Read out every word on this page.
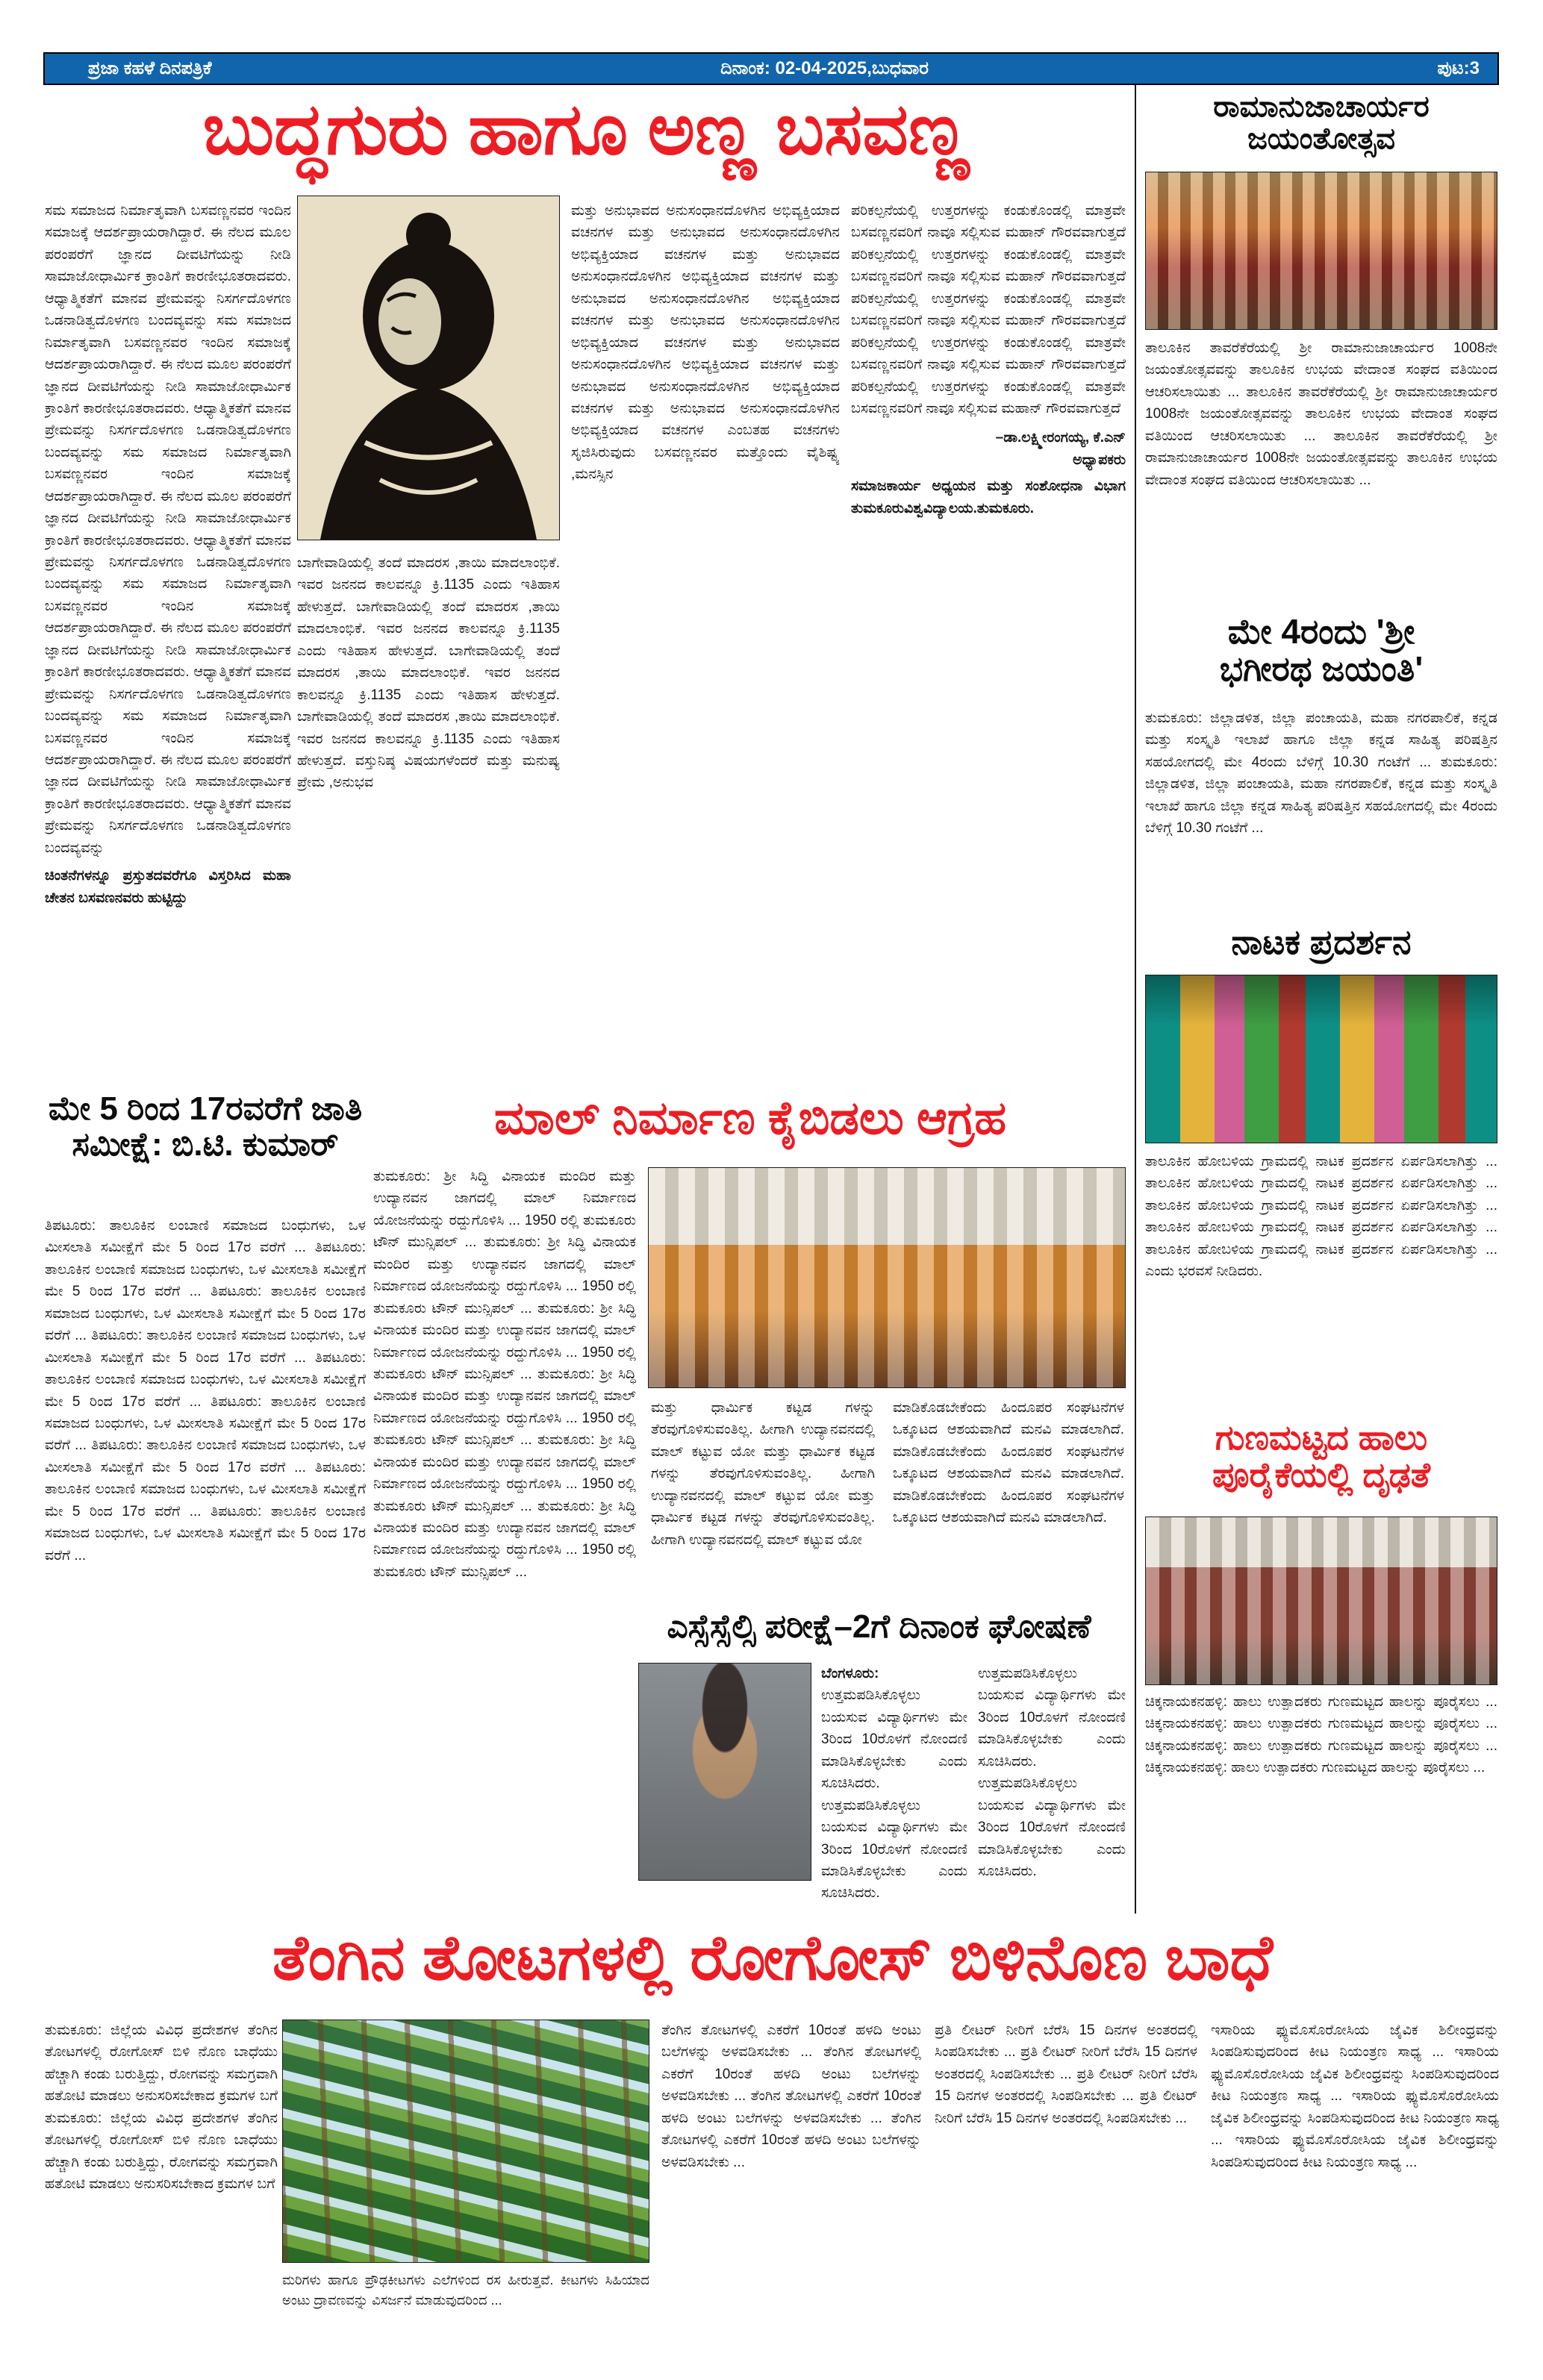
ಪ್ರಜಾ ಕಹಳೆ ದಿನಪತ್ರಿಕೆ	ದಿನಾಂಕ: 02-04-2025,ಬುಧವಾರ	ಪುಟ:3
ಬುದ್ಧಗುರು ಹಾಗೂ ಅಣ್ಣ ಬಸವಣ್ಣ
ಸಮ ಸಮಾಜದ ನಿರ್ಮಾತೃವಾಗಿ ಬಸವಣ್ಣನವರ ಇಂದಿನ ಸಮಾಜಕ್ಕೆ ಆದರ್ಶಪ್ರಾಯರಾಗಿದ್ದಾರೆ. ಈ ನೆಲದ ಮೂಲ ಪರಂಪರೆಗೆ ಜ್ಞಾನದ ದೀವಟಿಗೆಯನ್ನು ನೀಡಿ ಸಾಮಾಜೋಧಾರ್ಮಿಕ ಕ್ರಾಂತಿಗೆ ಕಾರಣೀಭೂತರಾದವರು. ಆಧ್ಯಾತ್ಮಿಕತೆಗೆ ಮಾನವ ಪ್ರೇಮವನ್ನು ನಿಸರ್ಗದೊಳಗಣ ಒಡನಾಡಿತ್ವದೊಳಗಣ ಬಂದವ್ಯವನ್ನು ಸಮ ಸಮಾಜದ ನಿರ್ಮಾತೃವಾಗಿ ಬಸವಣ್ಣನವರ ಇಂದಿನ ಸಮಾಜಕ್ಕೆ ಆದರ್ಶಪ್ರಾಯರಾಗಿದ್ದಾರೆ. ಈ ನೆಲದ ಮೂಲ ಪರಂಪರೆಗೆ ಜ್ಞಾನದ ದೀವಟಿಗೆಯನ್ನು ನೀಡಿ ಸಾಮಾಜೋಧಾರ್ಮಿಕ ಕ್ರಾಂತಿಗೆ ಕಾರಣೀಭೂತರಾದವರು. ಆಧ್ಯಾತ್ಮಿಕತೆಗೆ ಮಾನವ ಪ್ರೇಮವನ್ನು ನಿಸರ್ಗದೊಳಗಣ ಒಡನಾಡಿತ್ವದೊಳಗಣ ಬಂದವ್ಯವನ್ನು ಸಮ ಸಮಾಜದ ನಿರ್ಮಾತೃವಾಗಿ ಬಸವಣ್ಣನವರ ಇಂದಿನ ಸಮಾಜಕ್ಕೆ ಆದರ್ಶಪ್ರಾಯರಾಗಿದ್ದಾರೆ. ಈ ನೆಲದ ಮೂಲ ಪರಂಪರೆಗೆ ಜ್ಞಾನದ ದೀವಟಿಗೆಯನ್ನು ನೀಡಿ ಸಾಮಾಜೋಧಾರ್ಮಿಕ ಕ್ರಾಂತಿಗೆ ಕಾರಣೀಭೂತರಾದವರು. ಆಧ್ಯಾತ್ಮಿಕತೆಗೆ ಮಾನವ ಪ್ರೇಮವನ್ನು ನಿಸರ್ಗದೊಳಗಣ ಒಡನಾಡಿತ್ವದೊಳಗಣ ಬಂದವ್ಯವನ್ನು ಸಮ ಸಮಾಜದ ನಿರ್ಮಾತೃವಾಗಿ ಬಸವಣ್ಣನವರ ಇಂದಿನ ಸಮಾಜಕ್ಕೆ ಆದರ್ಶಪ್ರಾಯರಾಗಿದ್ದಾರೆ. ಈ ನೆಲದ ಮೂಲ ಪರಂಪರೆಗೆ ಜ್ಞಾನದ ದೀವಟಿಗೆಯನ್ನು ನೀಡಿ ಸಾಮಾಜೋಧಾರ್ಮಿಕ ಕ್ರಾಂತಿಗೆ ಕಾರಣೀಭೂತರಾದವರು. ಆಧ್ಯಾತ್ಮಿಕತೆಗೆ ಮಾನವ ಪ್ರೇಮವನ್ನು ನಿಸರ್ಗದೊಳಗಣ ಒಡನಾಡಿತ್ವದೊಳಗಣ ಬಂದವ್ಯವನ್ನು ಸಮ ಸಮಾಜದ ನಿರ್ಮಾತೃವಾಗಿ ಬಸವಣ್ಣನವರ ಇಂದಿನ ಸಮಾಜಕ್ಕೆ ಆದರ್ಶಪ್ರಾಯರಾಗಿದ್ದಾರೆ. ಈ ನೆಲದ ಮೂಲ ಪರಂಪರೆಗೆ ಜ್ಞಾನದ ದೀವಟಿಗೆಯನ್ನು ನೀಡಿ ಸಾಮಾಜೋಧಾರ್ಮಿಕ ಕ್ರಾಂತಿಗೆ ಕಾರಣೀಭೂತರಾದವರು. ಆಧ್ಯಾತ್ಮಿಕತೆಗೆ ಮಾನವ ಪ್ರೇಮವನ್ನು ನಿಸರ್ಗದೊಳಗಣ ಒಡನಾಡಿತ್ವದೊಳಗಣ ಬಂದವ್ಯವನ್ನು
ಚಿಂತನೆಗಳನ್ನೂ ಪ್ರಸ್ತುತದವರೆಗೂ ವಿಸ್ತರಿಸಿದ ಮಹಾ ಚೇತನ ಬಸವಣನವರು ಹುಟ್ಟಿದ್ದು
ಬಾಗೇವಾಡಿಯಲ್ಲಿ ತಂದೆ ಮಾದರಸ ,ತಾಯಿ ಮಾದಲಾಂಭಿಕೆ. ಇವರ ಜನನದ ಕಾಲವನ್ನೂ ಕ್ರಿ.1135 ಎಂದು ಇತಿಹಾಸ ಹೇಳುತ್ತದೆ. ಬಾಗೇವಾಡಿಯಲ್ಲಿ ತಂದೆ ಮಾದರಸ ,ತಾಯಿ ಮಾದಲಾಂಭಿಕೆ. ಇವರ ಜನನದ ಕಾಲವನ್ನೂ ಕ್ರಿ.1135 ಎಂದು ಇತಿಹಾಸ ಹೇಳುತ್ತದೆ. ಬಾಗೇವಾಡಿಯಲ್ಲಿ ತಂದೆ ಮಾದರಸ ,ತಾಯಿ ಮಾದಲಾಂಭಿಕೆ. ಇವರ ಜನನದ ಕಾಲವನ್ನೂ ಕ್ರಿ.1135 ಎಂದು ಇತಿಹಾಸ ಹೇಳುತ್ತದೆ. ಬಾಗೇವಾಡಿಯಲ್ಲಿ ತಂದೆ ಮಾದರಸ ,ತಾಯಿ ಮಾದಲಾಂಭಿಕೆ. ಇವರ ಜನನದ ಕಾಲವನ್ನೂ ಕ್ರಿ.1135 ಎಂದು ಇತಿಹಾಸ ಹೇಳುತ್ತದೆ. ವಸ್ತುನಿಷ್ಠ ವಿಷಯಗಳೆಂದರೆ ಮತ್ತು ಮನುಷ್ಯ ಪ್ರೇಮ ,ಅನುಭವ
ಮತ್ತು ಅನುಭಾವದ ಅನುಸಂಧಾನದೊಳಗಿನ ಅಭಿವ್ಯಕ್ತಿಯಾದ ವಚನಗಳ ಮತ್ತು ಅನುಭಾವದ ಅನುಸಂಧಾನದೊಳಗಿನ ಅಭಿವ್ಯಕ್ತಿಯಾದ ವಚನಗಳ ಮತ್ತು ಅನುಭಾವದ ಅನುಸಂಧಾನದೊಳಗಿನ ಅಭಿವ್ಯಕ್ತಿಯಾದ ವಚನಗಳ ಮತ್ತು ಅನುಭಾವದ ಅನುಸಂಧಾನದೊಳಗಿನ ಅಭಿವ್ಯಕ್ತಿಯಾದ ವಚನಗಳ ಮತ್ತು ಅನುಭಾವದ ಅನುಸಂಧಾನದೊಳಗಿನ ಅಭಿವ್ಯಕ್ತಿಯಾದ ವಚನಗಳ ಮತ್ತು ಅನುಭಾವದ ಅನುಸಂಧಾನದೊಳಗಿನ ಅಭಿವ್ಯಕ್ತಿಯಾದ ವಚನಗಳ ಮತ್ತು ಅನುಭಾವದ ಅನುಸಂಧಾನದೊಳಗಿನ ಅಭಿವ್ಯಕ್ತಿಯಾದ ವಚನಗಳ ಮತ್ತು ಅನುಭಾವದ ಅನುಸಂಧಾನದೊಳಗಿನ ಅಭಿವ್ಯಕ್ತಿಯಾದ ವಚನಗಳ ಎಂಬತಹ ವಚನಗಳು ಸೃಜಿಸಿರುವುದು ಬಸವಣ್ಣನವರ ಮತ್ತೊಂದು ವೈಶಿಷ್ಟ್ಯ ,ಮನಸ್ಸಿನ
ಪರಿಕಲ್ಪನೆಯಲ್ಲಿ ಉತ್ತರಗಳನ್ನು ಕಂಡುಕೊಂಡಲ್ಲಿ ಮಾತ್ರವೇ ಬಸವಣ್ಣನವರಿಗೆ ನಾವೂ ಸಲ್ಲಿಸುವ ಮಹಾನ್ ಗೌರವವಾಗುತ್ತದೆ ಪರಿಕಲ್ಪನೆಯಲ್ಲಿ ಉತ್ತರಗಳನ್ನು ಕಂಡುಕೊಂಡಲ್ಲಿ ಮಾತ್ರವೇ ಬಸವಣ್ಣನವರಿಗೆ ನಾವೂ ಸಲ್ಲಿಸುವ ಮಹಾನ್ ಗೌರವವಾಗುತ್ತದೆ ಪರಿಕಲ್ಪನೆಯಲ್ಲಿ ಉತ್ತರಗಳನ್ನು ಕಂಡುಕೊಂಡಲ್ಲಿ ಮಾತ್ರವೇ ಬಸವಣ್ಣನವರಿಗೆ ನಾವೂ ಸಲ್ಲಿಸುವ ಮಹಾನ್ ಗೌರವವಾಗುತ್ತದೆ ಪರಿಕಲ್ಪನೆಯಲ್ಲಿ ಉತ್ತರಗಳನ್ನು ಕಂಡುಕೊಂಡಲ್ಲಿ ಮಾತ್ರವೇ ಬಸವಣ್ಣನವರಿಗೆ ನಾವೂ ಸಲ್ಲಿಸುವ ಮಹಾನ್ ಗೌರವವಾಗುತ್ತದೆ ಪರಿಕಲ್ಪನೆಯಲ್ಲಿ ಉತ್ತರಗಳನ್ನು ಕಂಡುಕೊಂಡಲ್ಲಿ ಮಾತ್ರವೇ ಬಸವಣ್ಣನವರಿಗೆ ನಾವೂ ಸಲ್ಲಿಸುವ ಮಹಾನ್ ಗೌರವವಾಗುತ್ತದೆ
–ಡಾ.ಲಕ್ಷ್ಮೀರಂಗಯ್ಯ, ಕೆ.ಎನ್
ಅಧ್ಯಾಪಕರು
ಸಮಾಜಕಾರ್ಯ ಅಧ್ಯಯನ ಮತ್ತು ಸಂಶೋಧನಾ ವಿಭಾಗ ತುಮಕೂರುವಿಶ್ವವಿದ್ಯಾಲಯ.ತುಮಕೂರು.
ರಾಮಾನುಜಾಚಾರ್ಯರ
ಜಯಂತೋತ್ಸವ
ತಾಲೂಕಿನ ತಾವರೆಕೆರೆಯಲ್ಲಿ ಶ್ರೀ ರಾಮಾನುಜಾಚಾರ್ಯರ 1008ನೇ ಜಯಂತೋತ್ಸವವನ್ನು ತಾಲೂಕಿನ ಉಭಯ ವೇದಾಂತ ಸಂಘದ ವತಿಯಿಂದ ಆಚರಿಸಲಾಯಿತು ... ತಾಲೂಕಿನ ತಾವರೆಕೆರೆಯಲ್ಲಿ ಶ್ರೀ ರಾಮಾನುಜಾಚಾರ್ಯರ 1008ನೇ ಜಯಂತೋತ್ಸವವನ್ನು ತಾಲೂಕಿನ ಉಭಯ ವೇದಾಂತ ಸಂಘದ ವತಿಯಿಂದ ಆಚರಿಸಲಾಯಿತು ... ತಾಲೂಕಿನ ತಾವರೆಕೆರೆಯಲ್ಲಿ ಶ್ರೀ ರಾಮಾನುಜಾಚಾರ್ಯರ 1008ನೇ ಜಯಂತೋತ್ಸವವನ್ನು ತಾಲೂಕಿನ ಉಭಯ ವೇದಾಂತ ಸಂಘದ ವತಿಯಿಂದ ಆಚರಿಸಲಾಯಿತು ...
ಮೇ 4ರಂದು 'ಶ್ರೀ
ಭಗೀರಥ ಜಯಂತಿ'
ತುಮಕೂರು: ಜಿಲ್ಲಾಡಳಿತ, ಜಿಲ್ಲಾ ಪಂಚಾಯತಿ, ಮಹಾ ನಗರಪಾಲಿಕೆ, ಕನ್ನಡ ಮತ್ತು ಸಂಸ್ಕೃತಿ ಇಲಾಖೆ ಹಾಗೂ ಜಿಲ್ಲಾ ಕನ್ನಡ ಸಾಹಿತ್ಯ ಪರಿಷತ್ತಿನ ಸಹಯೋಗದಲ್ಲಿ ಮೇ 4ರಂದು ಬೆಳಿಗ್ಗೆ 10.30 ಗಂಟೆಗೆ ... ತುಮಕೂರು: ಜಿಲ್ಲಾಡಳಿತ, ಜಿಲ್ಲಾ ಪಂಚಾಯತಿ, ಮಹಾ ನಗರಪಾಲಿಕೆ, ಕನ್ನಡ ಮತ್ತು ಸಂಸ್ಕೃತಿ ಇಲಾಖೆ ಹಾಗೂ ಜಿಲ್ಲಾ ಕನ್ನಡ ಸಾಹಿತ್ಯ ಪರಿಷತ್ತಿನ ಸಹಯೋಗದಲ್ಲಿ ಮೇ 4ರಂದು ಬೆಳಿಗ್ಗೆ 10.30 ಗಂಟೆಗೆ ...
ನಾಟಕ ಪ್ರದರ್ಶನ
ತಾಲೂಕಿನ ಹೋಬಳಿಯ ಗ್ರಾಮದಲ್ಲಿ ನಾಟಕ ಪ್ರದರ್ಶನ ಏರ್ಪಡಿಸಲಾಗಿತ್ತು ... ತಾಲೂಕಿನ ಹೋಬಳಿಯ ಗ್ರಾಮದಲ್ಲಿ ನಾಟಕ ಪ್ರದರ್ಶನ ಏರ್ಪಡಿಸಲಾಗಿತ್ತು ... ತಾಲೂಕಿನ ಹೋಬಳಿಯ ಗ್ರಾಮದಲ್ಲಿ ನಾಟಕ ಪ್ರದರ್ಶನ ಏರ್ಪಡಿಸಲಾಗಿತ್ತು ... ತಾಲೂಕಿನ ಹೋಬಳಿಯ ಗ್ರಾಮದಲ್ಲಿ ನಾಟಕ ಪ್ರದರ್ಶನ ಏರ್ಪಡಿಸಲಾಗಿತ್ತು ... ತಾಲೂಕಿನ ಹೋಬಳಿಯ ಗ್ರಾಮದಲ್ಲಿ ನಾಟಕ ಪ್ರದರ್ಶನ ಏರ್ಪಡಿಸಲಾಗಿತ್ತು ... ಎಂದು ಭರವಸೆ ನೀಡಿದರು.
ಗುಣಮಟ್ಟದ ಹಾಲು
ಪೂರೈಕೆಯಲ್ಲಿ ದೃಢತೆ
ಚಿಕ್ಕನಾಯಕನಹಳ್ಳಿ: ಹಾಲು ಉತ್ಪಾದಕರು ಗುಣಮಟ್ಟದ ಹಾಲನ್ನು ಪೂರೈಸಲು ... ಚಿಕ್ಕನಾಯಕನಹಳ್ಳಿ: ಹಾಲು ಉತ್ಪಾದಕರು ಗುಣಮಟ್ಟದ ಹಾಲನ್ನು ಪೂರೈಸಲು ... ಚಿಕ್ಕನಾಯಕನಹಳ್ಳಿ: ಹಾಲು ಉತ್ಪಾದಕರು ಗುಣಮಟ್ಟದ ಹಾಲನ್ನು ಪೂರೈಸಲು ... ಚಿಕ್ಕನಾಯಕನಹಳ್ಳಿ: ಹಾಲು ಉತ್ಪಾದಕರು ಗುಣಮಟ್ಟದ ಹಾಲನ್ನು ಪೂರೈಸಲು ...
ಮೇ 5 ರಿಂದ 17ರವರೆಗೆ ಜಾತಿ
ಸಮೀಕ್ಷೆ: ಬಿ.ಟಿ. ಕುಮಾರ್
ತಿಪಟೂರು: ತಾಲೂಕಿನ ಲಂಬಾಣಿ ಸಮಾಜದ ಬಂಧುಗಳು, ಒಳ ಮೀಸಲಾತಿ ಸಮೀಕ್ಷೆಗೆ ಮೇ 5 ರಿಂದ 17ರ ವರೆಗೆ ... ತಿಪಟೂರು: ತಾಲೂಕಿನ ಲಂಬಾಣಿ ಸಮಾಜದ ಬಂಧುಗಳು, ಒಳ ಮೀಸಲಾತಿ ಸಮೀಕ್ಷೆಗೆ ಮೇ 5 ರಿಂದ 17ರ ವರೆಗೆ ... ತಿಪಟೂರು: ತಾಲೂಕಿನ ಲಂಬಾಣಿ ಸಮಾಜದ ಬಂಧುಗಳು, ಒಳ ಮೀಸಲಾತಿ ಸಮೀಕ್ಷೆಗೆ ಮೇ 5 ರಿಂದ 17ರ ವರೆಗೆ ... ತಿಪಟೂರು: ತಾಲೂಕಿನ ಲಂಬಾಣಿ ಸಮಾಜದ ಬಂಧುಗಳು, ಒಳ ಮೀಸಲಾತಿ ಸಮೀಕ್ಷೆಗೆ ಮೇ 5 ರಿಂದ 17ರ ವರೆಗೆ ... ತಿಪಟೂರು: ತಾಲೂಕಿನ ಲಂಬಾಣಿ ಸಮಾಜದ ಬಂಧುಗಳು, ಒಳ ಮೀಸಲಾತಿ ಸಮೀಕ್ಷೆಗೆ ಮೇ 5 ರಿಂದ 17ರ ವರೆಗೆ ... ತಿಪಟೂರು: ತಾಲೂಕಿನ ಲಂಬಾಣಿ ಸಮಾಜದ ಬಂಧುಗಳು, ಒಳ ಮೀಸಲಾತಿ ಸಮೀಕ್ಷೆಗೆ ಮೇ 5 ರಿಂದ 17ರ ವರೆಗೆ ... ತಿಪಟೂರು: ತಾಲೂಕಿನ ಲಂಬಾಣಿ ಸಮಾಜದ ಬಂಧುಗಳು, ಒಳ ಮೀಸಲಾತಿ ಸಮೀಕ್ಷೆಗೆ ಮೇ 5 ರಿಂದ 17ರ ವರೆಗೆ ... ತಿಪಟೂರು: ತಾಲೂಕಿನ ಲಂಬಾಣಿ ಸಮಾಜದ ಬಂಧುಗಳು, ಒಳ ಮೀಸಲಾತಿ ಸಮೀಕ್ಷೆಗೆ ಮೇ 5 ರಿಂದ 17ರ ವರೆಗೆ ... ತಿಪಟೂರು: ತಾಲೂಕಿನ ಲಂಬಾಣಿ ಸಮಾಜದ ಬಂಧುಗಳು, ಒಳ ಮೀಸಲಾತಿ ಸಮೀಕ್ಷೆಗೆ ಮೇ 5 ರಿಂದ 17ರ ವರೆಗೆ ...
ಮಾಲ್ ನಿರ್ಮಾಣ ಕೈಬಿಡಲು ಆಗ್ರಹ
ತುಮಕೂರು: ಶ್ರೀ ಸಿದ್ಧಿ ವಿನಾಯಕ ಮಂದಿರ ಮತ್ತು ಉದ್ಯಾನವನ ಜಾಗದಲ್ಲಿ ಮಾಲ್ ನಿರ್ಮಾಣದ ಯೋಜನೆಯನ್ನು ರದ್ದುಗೊಳಿಸಿ ... 1950 ರಲ್ಲಿ ತುಮಕೂರು ಟೌನ್ ಮುನ್ಸಿಪಲ್ ... ತುಮಕೂರು: ಶ್ರೀ ಸಿದ್ಧಿ ವಿನಾಯಕ ಮಂದಿರ ಮತ್ತು ಉದ್ಯಾನವನ ಜಾಗದಲ್ಲಿ ಮಾಲ್ ನಿರ್ಮಾಣದ ಯೋಜನೆಯನ್ನು ರದ್ದುಗೊಳಿಸಿ ... 1950 ರಲ್ಲಿ ತುಮಕೂರು ಟೌನ್ ಮುನ್ಸಿಪಲ್ ... ತುಮಕೂರು: ಶ್ರೀ ಸಿದ್ಧಿ ವಿನಾಯಕ ಮಂದಿರ ಮತ್ತು ಉದ್ಯಾನವನ ಜಾಗದಲ್ಲಿ ಮಾಲ್ ನಿರ್ಮಾಣದ ಯೋಜನೆಯನ್ನು ರದ್ದುಗೊಳಿಸಿ ... 1950 ರಲ್ಲಿ ತುಮಕೂರು ಟೌನ್ ಮುನ್ಸಿಪಲ್ ... ತುಮಕೂರು: ಶ್ರೀ ಸಿದ್ಧಿ ವಿನಾಯಕ ಮಂದಿರ ಮತ್ತು ಉದ್ಯಾನವನ ಜಾಗದಲ್ಲಿ ಮಾಲ್ ನಿರ್ಮಾಣದ ಯೋಜನೆಯನ್ನು ರದ್ದುಗೊಳಿಸಿ ... 1950 ರಲ್ಲಿ ತುಮಕೂರು ಟೌನ್ ಮುನ್ಸಿಪಲ್ ... ತುಮಕೂರು: ಶ್ರೀ ಸಿದ್ಧಿ ವಿನಾಯಕ ಮಂದಿರ ಮತ್ತು ಉದ್ಯಾನವನ ಜಾಗದಲ್ಲಿ ಮಾಲ್ ನಿರ್ಮಾಣದ ಯೋಜನೆಯನ್ನು ರದ್ದುಗೊಳಿಸಿ ... 1950 ರಲ್ಲಿ ತುಮಕೂರು ಟೌನ್ ಮುನ್ಸಿಪಲ್ ... ತುಮಕೂರು: ಶ್ರೀ ಸಿದ್ಧಿ ವಿನಾಯಕ ಮಂದಿರ ಮತ್ತು ಉದ್ಯಾನವನ ಜಾಗದಲ್ಲಿ ಮಾಲ್ ನಿರ್ಮಾಣದ ಯೋಜನೆಯನ್ನು ರದ್ದುಗೊಳಿಸಿ ... 1950 ರಲ್ಲಿ ತುಮಕೂರು ಟೌನ್ ಮುನ್ಸಿಪಲ್ ...
ಮತ್ತು ಧಾರ್ಮಿಕ ಕಟ್ಟಡ ಗಳನ್ನು ತೆರವುಗೊಳಿಸುವಂತಿಲ್ಲ. ಹೀಗಾಗಿ ಉದ್ಯಾನವನದಲ್ಲಿ ಮಾಲ್ ಕಟ್ಟುವ ಯೋ ಮತ್ತು ಧಾರ್ಮಿಕ ಕಟ್ಟಡ ಗಳನ್ನು ತೆರವುಗೊಳಿಸುವಂತಿಲ್ಲ. ಹೀಗಾಗಿ ಉದ್ಯಾನವನದಲ್ಲಿ ಮಾಲ್ ಕಟ್ಟುವ ಯೋ ಮತ್ತು ಧಾರ್ಮಿಕ ಕಟ್ಟಡ ಗಳನ್ನು ತೆರವುಗೊಳಿಸುವಂತಿಲ್ಲ. ಹೀಗಾಗಿ ಉದ್ಯಾನವನದಲ್ಲಿ ಮಾಲ್ ಕಟ್ಟುವ ಯೋ
ಮಾಡಿಕೊಡಬೇಕೆಂದು ಹಿಂದೂಪರ ಸಂಘಟನೆಗಳ ಒಕ್ಕೂಟದ ಆಶಯವಾಗಿದೆ ಮನವಿ ಮಾಡಲಾಗಿದೆ. ಮಾಡಿಕೊಡಬೇಕೆಂದು ಹಿಂದೂಪರ ಸಂಘಟನೆಗಳ ಒಕ್ಕೂಟದ ಆಶಯವಾಗಿದೆ ಮನವಿ ಮಾಡಲಾಗಿದೆ. ಮಾಡಿಕೊಡಬೇಕೆಂದು ಹಿಂದೂಪರ ಸಂಘಟನೆಗಳ ಒಕ್ಕೂಟದ ಆಶಯವಾಗಿದೆ ಮನವಿ ಮಾಡಲಾಗಿದೆ.
ಎಸ್ಸೆಸ್ಸೆಲ್ಸಿ ಪರೀಕ್ಷೆ–2ಗೆ ದಿನಾಂಕ ಘೋಷಣೆ
ಬೆಂಗಳೂರು: ಉತ್ತಮಪಡಿಸಿಕೊಳ್ಳಲು ಬಯಸುವ ವಿದ್ಯಾರ್ಥಿಗಳು ಮೇ 3ರಿಂದ 10ರೊಳಗೆ ನೋಂದಣಿ ಮಾಡಿಸಿಕೊಳ್ಳಬೇಕು ಎಂದು ಸೂಚಿಸಿದರು. ಉತ್ತಮಪಡಿಸಿಕೊಳ್ಳಲು ಬಯಸುವ ವಿದ್ಯಾರ್ಥಿಗಳು ಮೇ 3ರಿಂದ 10ರೊಳಗೆ ನೋಂದಣಿ ಮಾಡಿಸಿಕೊಳ್ಳಬೇಕು ಎಂದು ಸೂಚಿಸಿದರು.
ಉತ್ತಮಪಡಿಸಿಕೊಳ್ಳಲು ಬಯಸುವ ವಿದ್ಯಾರ್ಥಿಗಳು ಮೇ 3ರಿಂದ 10ರೊಳಗೆ ನೋಂದಣಿ ಮಾಡಿಸಿಕೊಳ್ಳಬೇಕು ಎಂದು ಸೂಚಿಸಿದರು. ಉತ್ತಮಪಡಿಸಿಕೊಳ್ಳಲು ಬಯಸುವ ವಿದ್ಯಾರ್ಥಿಗಳು ಮೇ 3ರಿಂದ 10ರೊಳಗೆ ನೋಂದಣಿ ಮಾಡಿಸಿಕೊಳ್ಳಬೇಕು ಎಂದು ಸೂಚಿಸಿದರು.
ತೆಂಗಿನ ತೋಟಗಳಲ್ಲಿ ರೋಗೋಸ್ ಬಿಳಿನೊಣ ಬಾಧೆ
ತುಮಕೂರು: ಜಿಲ್ಲೆಯ ವಿವಿಧ ಪ್ರದೇಶಗಳ ತೆಂಗಿನ ತೋಟಗಳಲ್ಲಿ ರೋಗೋಸ್ ಬಿಳಿ ನೊಣ ಬಾಧೆಯು ಹೆಚ್ಚಾಗಿ ಕಂಡು ಬರುತ್ತಿದ್ದು, ರೋಗವನ್ನು ಸಮಗ್ರವಾಗಿ ಹತೋಟಿ ಮಾಡಲು ಅನುಸರಿಸಬೇಕಾದ ಕ್ರಮಗಳ ಬಗೆ ತುಮಕೂರು: ಜಿಲ್ಲೆಯ ವಿವಿಧ ಪ್ರದೇಶಗಳ ತೆಂಗಿನ ತೋಟಗಳಲ್ಲಿ ರೋಗೋಸ್ ಬಿಳಿ ನೊಣ ಬಾಧೆಯು ಹೆಚ್ಚಾಗಿ ಕಂಡು ಬರುತ್ತಿದ್ದು, ರೋಗವನ್ನು ಸಮಗ್ರವಾಗಿ ಹತೋಟಿ ಮಾಡಲು ಅನುಸರಿಸಬೇಕಾದ ಕ್ರಮಗಳ ಬಗೆ
ಮರಿಗಳು ಹಾಗೂ ಪ್ರೌಢಕೀಟಗಳು ಎಲೆಗಳಿಂದ ರಸ ಹೀರುತ್ತವೆ. ಕೀಟಗಳು ಸಿಹಿಯಾದ ಅಂಟು ದ್ರಾವಣವನ್ನು ವಿಸರ್ಜನೆ ಮಾಡುವುದರಿಂದ ...
ತೆಂಗಿನ ತೋಟಗಳಲ್ಲಿ ಎಕರೆಗೆ 10ರಂತೆ ಹಳದಿ ಅಂಟು ಬಲೆಗಳನ್ನು ಅಳವಡಿಸಬೇಕು ... ತೆಂಗಿನ ತೋಟಗಳಲ್ಲಿ ಎಕರೆಗೆ 10ರಂತೆ ಹಳದಿ ಅಂಟು ಬಲೆಗಳನ್ನು ಅಳವಡಿಸಬೇಕು ... ತೆಂಗಿನ ತೋಟಗಳಲ್ಲಿ ಎಕರೆಗೆ 10ರಂತೆ ಹಳದಿ ಅಂಟು ಬಲೆಗಳನ್ನು ಅಳವಡಿಸಬೇಕು ... ತೆಂಗಿನ ತೋಟಗಳಲ್ಲಿ ಎಕರೆಗೆ 10ರಂತೆ ಹಳದಿ ಅಂಟು ಬಲೆಗಳನ್ನು ಅಳವಡಿಸಬೇಕು ...
ಪ್ರತಿ ಲೀಟರ್ ನೀರಿಗೆ ಬೆರೆಸಿ 15 ದಿನಗಳ ಅಂತರದಲ್ಲಿ ಸಿಂಪಡಿಸಬೇಕು ... ಪ್ರತಿ ಲೀಟರ್ ನೀರಿಗೆ ಬೆರೆಸಿ 15 ದಿನಗಳ ಅಂತರದಲ್ಲಿ ಸಿಂಪಡಿಸಬೇಕು ... ಪ್ರತಿ ಲೀಟರ್ ನೀರಿಗೆ ಬೆರೆಸಿ 15 ದಿನಗಳ ಅಂತರದಲ್ಲಿ ಸಿಂಪಡಿಸಬೇಕು ... ಪ್ರತಿ ಲೀಟರ್ ನೀರಿಗೆ ಬೆರೆಸಿ 15 ದಿನಗಳ ಅಂತರದಲ್ಲಿ ಸಿಂಪಡಿಸಬೇಕು ...
ಇಸಾರಿಯ ಫ್ಯುಮೊಸೊರೋಸಿಯ ಜೈವಿಕ ಶಿಲೀಂಧ್ರವನ್ನು ಸಿಂಪಡಿಸುವುದರಿಂದ ಕೀಟ ನಿಯಂತ್ರಣ ಸಾಧ್ಯ ... ಇಸಾರಿಯ ಫ್ಯುಮೊಸೊರೋಸಿಯ ಜೈವಿಕ ಶಿಲೀಂಧ್ರವನ್ನು ಸಿಂಪಡಿಸುವುದರಿಂದ ಕೀಟ ನಿಯಂತ್ರಣ ಸಾಧ್ಯ ... ಇಸಾರಿಯ ಫ್ಯುಮೊಸೊರೋಸಿಯ ಜೈವಿಕ ಶಿಲೀಂಧ್ರವನ್ನು ಸಿಂಪಡಿಸುವುದರಿಂದ ಕೀಟ ನಿಯಂತ್ರಣ ಸಾಧ್ಯ ... ಇಸಾರಿಯ ಫ್ಯುಮೊಸೊರೋಸಿಯ ಜೈವಿಕ ಶಿಲೀಂಧ್ರವನ್ನು ಸಿಂಪಡಿಸುವುದರಿಂದ ಕೀಟ ನಿಯಂತ್ರಣ ಸಾಧ್ಯ ...
